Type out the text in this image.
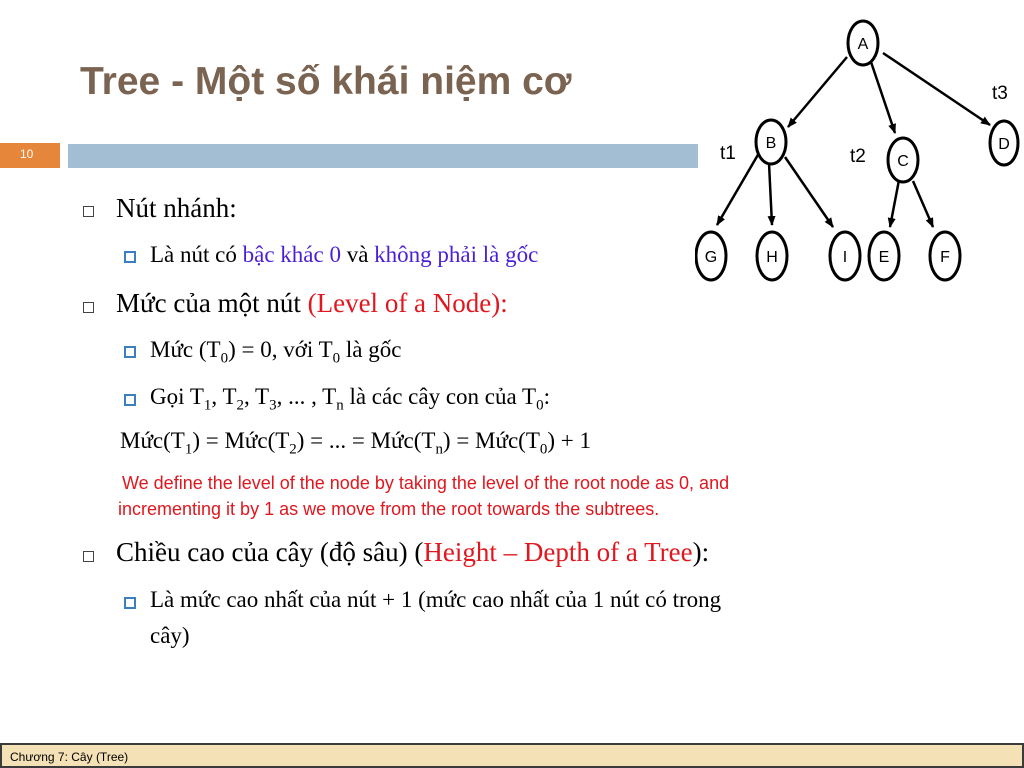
Tree - Một số khái niệm cơ
10
A
B
C
D
G	H	I E	F
t1	t2
t3
Nút nhánh:
Là nút có bậc khác 0 và không phải là gốc
Mức của một nút (Level of a Node):
Mức $(T_0) = 0$, với $T_0$ là gốc
Gọi $T_1$, $T_2$, $T_3$, ... , $T_n$ là các cây con của $T_0$:
$Mức(T_1)$ = $Mức(T_2)$ = ... = $Mức(T_n)$ = $Mức(T_0) + 1$
We define the level of the node by taking the level of the root node as 0, and
incrementing it by 1 as we move from the root towards the subtrees.
Chiều cao của cây (độ sâu) (Height – Depth of a Tree):
Là mức cao nhất của nút + 1 (mức cao nhất của 1 nút có trong
cây)
Chương 7: Cây (Tree)
